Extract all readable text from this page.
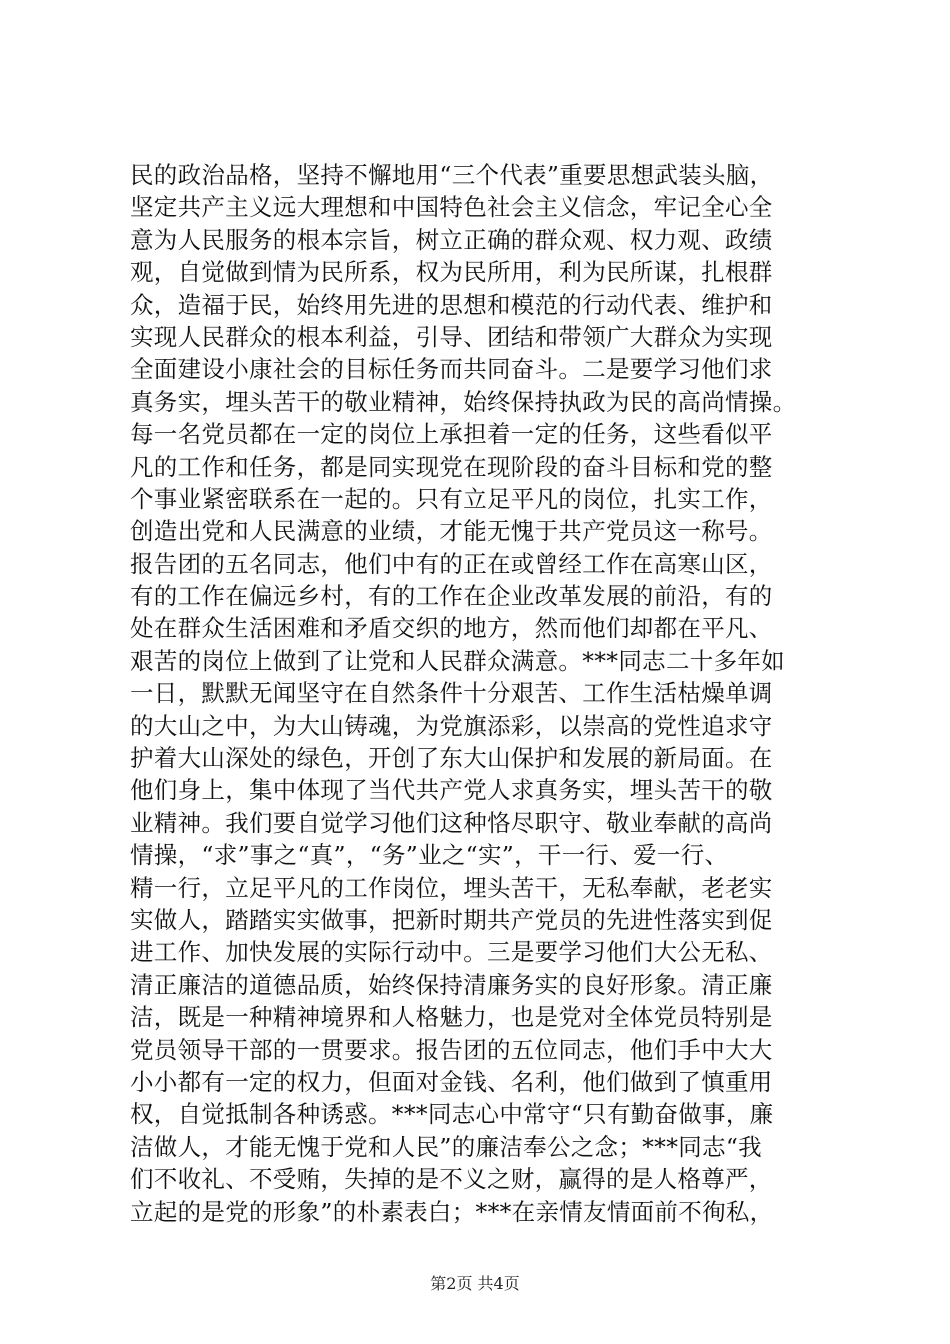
民的政治品格，坚持不懈地用“三个代表”重要思想武装头脑，
坚定共产主义远大理想和中国特色社会主义信念，牢记全心全
意为人民服务的根本宗旨，树立正确的群众观、权力观、政绩
观，自觉做到情为民所系，权为民所用，利为民所谋，扎根群
众，造福于民，始终用先进的思想和模范的行动代表、维护和
实现人民群众的根本利益，引导、团结和带领广大群众为实现
全面建设小康社会的目标任务而共同奋斗。二是要学习他们求
真务实，埋头苦干的敬业精神，始终保持执政为民的高尚情操。
每一名党员都在一定的岗位上承担着一定的任务，这些看似平
凡的工作和任务，都是同实现党在现阶段的奋斗目标和党的整
个事业紧密联系在一起的。只有立足平凡的岗位，扎实工作，
创造出党和人民满意的业绩，才能无愧于共产党员这一称号。
报告团的五名同志，他们中有的正在或曾经工作在高寒山区，
有的工作在偏远乡村，有的工作在企业改革发展的前沿，有的
处在群众生活困难和矛盾交织的地方，然而他们却都在平凡、
艰苦的岗位上做到了让党和人民群众满意。***同志二十多年如
一日，默默无闻坚守在自然条件十分艰苦、工作生活枯燥单调
的大山之中，为大山铸魂，为党旗添彩，以崇高的党性追求守
护着大山深处的绿色，开创了东大山保护和发展的新局面。在
他们身上，集中体现了当代共产党人求真务实，埋头苦干的敬
业精神。我们要自觉学习他们这种恪尽职守、敬业奉献的高尚
情操，“求”事之“真”，“务”业之“实”，干一行、爱一行、
精一行，立足平凡的工作岗位，埋头苦干，无私奉献，老老实
实做人，踏踏实实做事，把新时期共产党员的先进性落实到促
进工作、加快发展的实际行动中。三是要学习他们大公无私、
清正廉洁的道德品质，始终保持清廉务实的良好形象。清正廉
洁，既是一种精神境界和人格魅力，也是党对全体党员特别是
党员领导干部的一贯要求。报告团的五位同志，他们手中大大
小小都有一定的权力，但面对金钱、名利，他们做到了慎重用
权，自觉抵制各种诱惑。***同志心中常守“只有勤奋做事，廉
洁做人，才能无愧于党和人民”的廉洁奉公之念；***同志“我
们不收礼、不受贿，失掉的是不义之财，赢得的是人格尊严，
立起的是党的形象”的朴素表白；***在亲情友情面前不徇私，
第2页 共4页
